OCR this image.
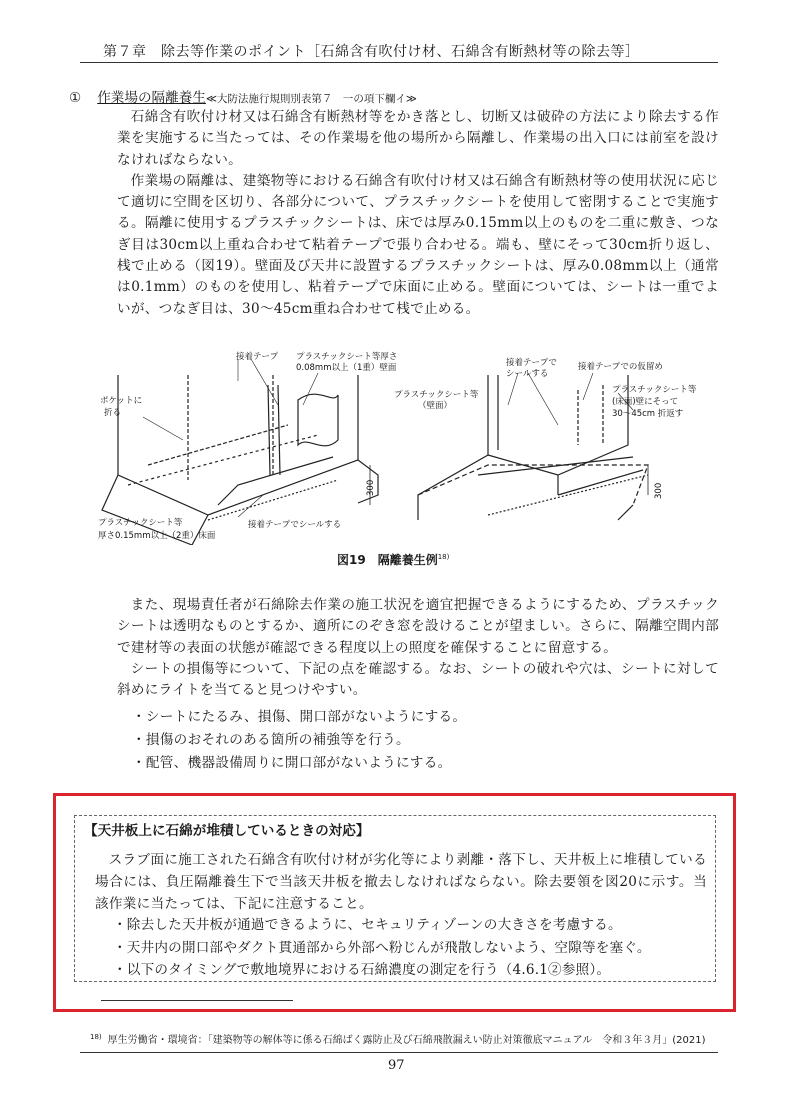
第７章　除去等作業のポイント［石綿含有吹付け材、石綿含有断熱材等の除去等］
① 作業場の隔離養生≪大防法施行規則別表第７　一の項下欄イ≫

石綿含有吹付け材又は石綿含有断熱材等をかき落とし、切断又は破砕の方法により除去する作業を実施するに当たっては、その作業場を他の場所から隔離し、作業場の出入口には前室を設けなければならない。

作業場の隔離は、建築物等における石綿含有吹付け材又は石綿含有断熱材等の使用状況に応じて適切に空間を区切り、各部分について、プラスチックシートを使用して密閉することで実施する。隔離に使用するプラスチックシートは、床では厚み0.15mm以上のものを二重に敷き、つなぎ目は30cm以上重ね合わせて粘着テープで張り合わせる。端も、壁にそって30cm折り返し、桟で止める（図19）。壁面及び天井に設置するプラスチックシートは、厚み0.08mm以上（通常は0.1mm）のものを使用し、粘着テープで床面に止める。壁面については、シートは一重でよいが、つなぎ目は、30〜45cm重ね合わせて桟で止める。

接着テープ プラスチックシート等厚さ
0.08mm以上（1重）壁面
ポケットに
折る
プラスチックシート等
厚さ0.15mm以上（2重）床面
接着テープでシールする
300
接着テープで
シールする
接着テープでの仮留め
プラスチックシート等
（壁面）
プラスチックシート等
(床面)壁にそって
30〜45cm 折返す
300
図19　隔離養生例$^{18)}$

また、現場責任者が石綿除去作業の施工状況を適宜把握できるようにするため、プラスチックシートは透明なものとするか、適所にのぞき窓を設けることが望ましい。さらに、隔離空間内部で建材等の表面の状態が確認できる程度以上の照度を確保することに留意する。

シートの損傷等について、下記の点を確認する。なお、シートの破れや穴は、シートに対して斜めにライトを当てると見つけやすい。

・シートにたるみ、損傷、開口部がないようにする。
・損傷のおそれのある箇所の補強等を行う。
・配管、機器設備周りに開口部がないようにする。
【天井板上に石綿が堆積しているときの対応】

スラブ面に施工された石綿含有吹付け材が劣化等により剥離・落下し、天井板上に堆積している場合には、負圧隔離養生下で当該天井板を撤去しなければならない。除去要領を図20に示す。当該作業に当たっては、下記に注意すること。

・除去した天井板が通過できるように、セキュリティゾーンの大きさを考慮する。
・天井内の開口部やダクト貫通部から外部へ粉じんが飛散しないよう、空隙等を塞ぐ。
・以下のタイミングで敷地境界における石綿濃度の測定を行う（4.6.1②参照）。
$^{18)}$ 厚生労働省・環境省：「建築物等の解体等に係る石綿ばく露防止及び石綿飛散漏えい防止対策徹底マニュアル　令和３年３月」(2021)
97
